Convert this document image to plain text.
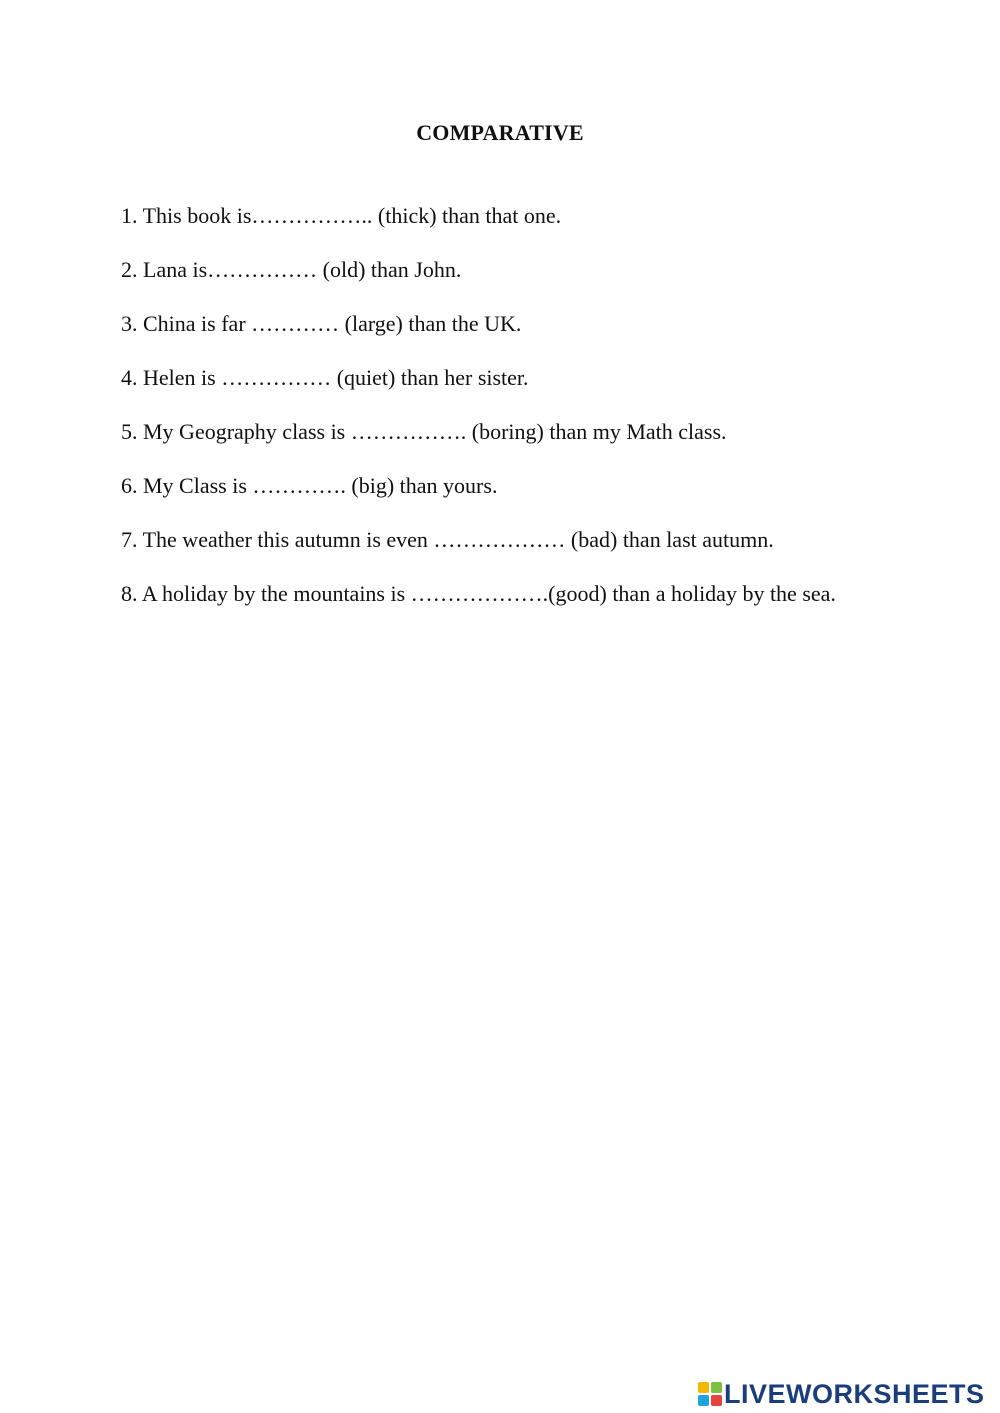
COMPARATIVE
1. This book is…………….. (thick) than that one.
2. Lana is…………… (old) than John.
3. China is far ………… (large) than the UK.
4. Helen is …………… (quiet) than her sister.
5. My Geography class is ……………. (boring) than my Math class.
6. My Class is …………. (big) than yours.
7. The weather this autumn is even ……………… (bad) than last autumn.
8. A holiday by the mountains is ……………….(good) than a holiday by the sea.
LIVEWORKSHEETS
